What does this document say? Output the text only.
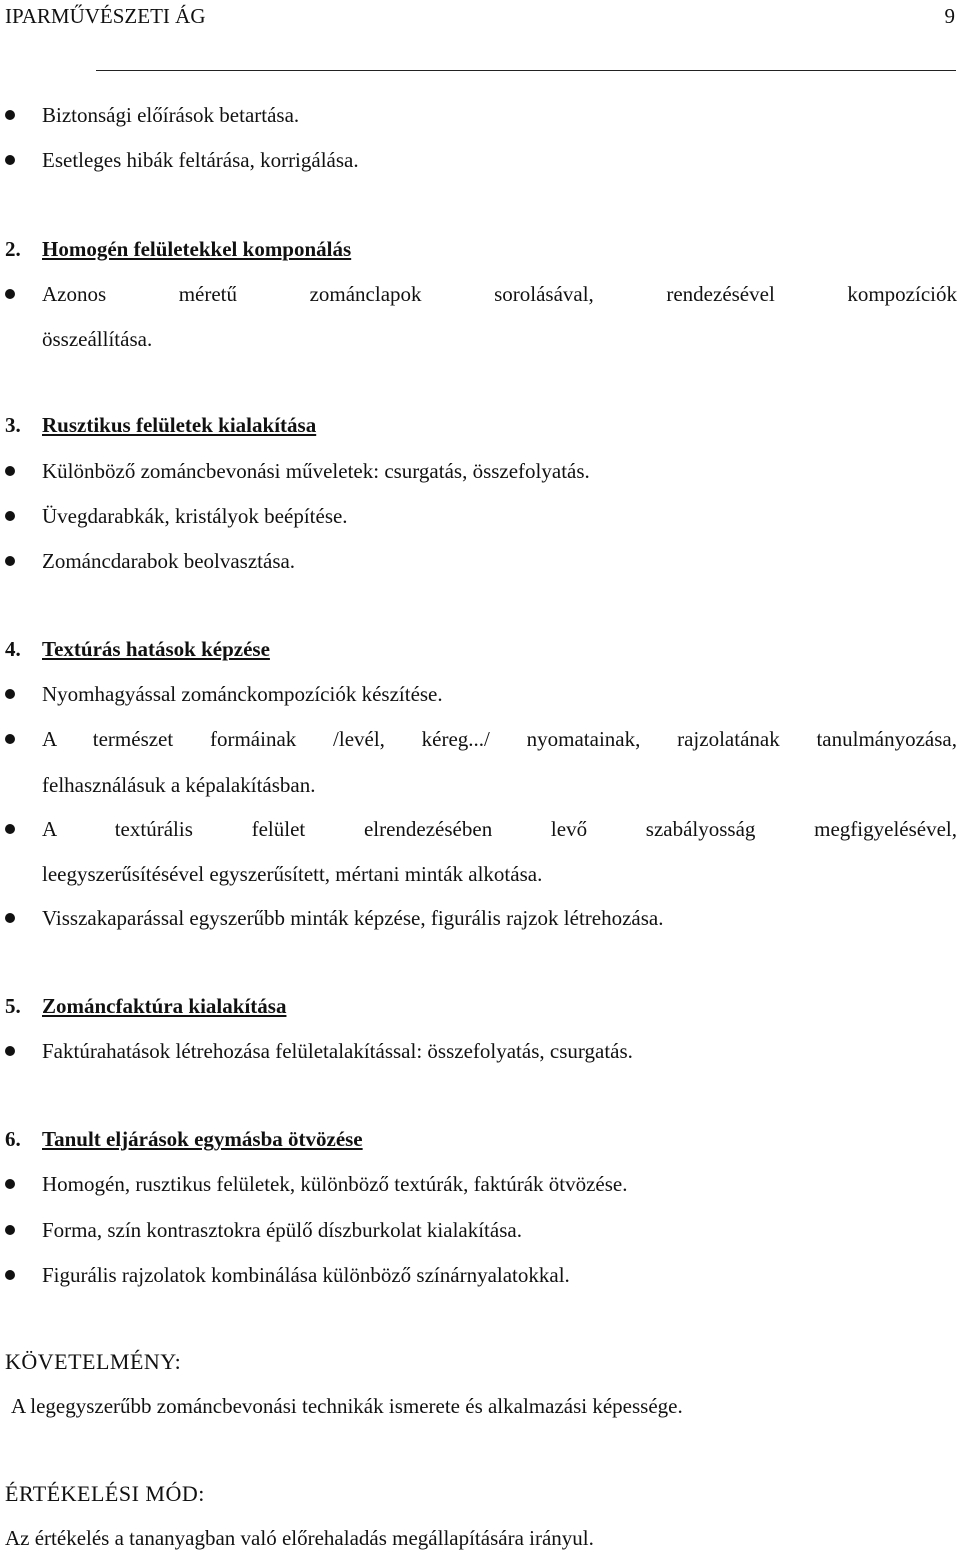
IPARMŰVÉSZETI ÁG	9
Biztonsági előírások betartása.
Esetleges hibák feltárása, korrigálása.
2. Homogén felületekkel komponálás
Azonos méretű zománclapok sorolásával, rendezésével kompozíciók
összeállítása.
3. Rusztikus felületek kialakítása
Különböző zománcbevonási műveletek: csurgatás, összefolyatás.
Üvegdarabkák, kristályok beépítése.
Zománcdarabok beolvasztása.
4. Textúrás hatások képzése
Nyomhagyással zománckompozíciók készítése.
A természet formáinak /levél, kéreg.../ nyomatainak, rajzolatának tanulmányozása,
felhasználásuk a képalakításban.
A textúrális felület elrendezésében levő szabályosság megfigyelésével,
leegyszerűsítésével egyszerűsített, mértani minták alkotása.
Visszakaparással egyszerűbb minták képzése, figurális rajzok létrehozása.
5. Zománcfaktúra kialakítása
Faktúrahatások létrehozása felületalakítással: összefolyatás, csurgatás.
6. Tanult eljárások egymásba ötvözése
Homogén, rusztikus felületek, különböző textúrák, faktúrák ötvözése.
Forma, szín kontrasztokra épülő díszburkolat kialakítása.
Figurális rajzolatok kombinálása különböző színárnyalatokkal.
KÖVETELMÉNY:
A legegyszerűbb zománcbevonási technikák ismerete és alkalmazási képessége.
ÉRTÉKELÉSI MÓD:
Az értékelés a tananyagban való előrehaladás megállapítására irányul.
